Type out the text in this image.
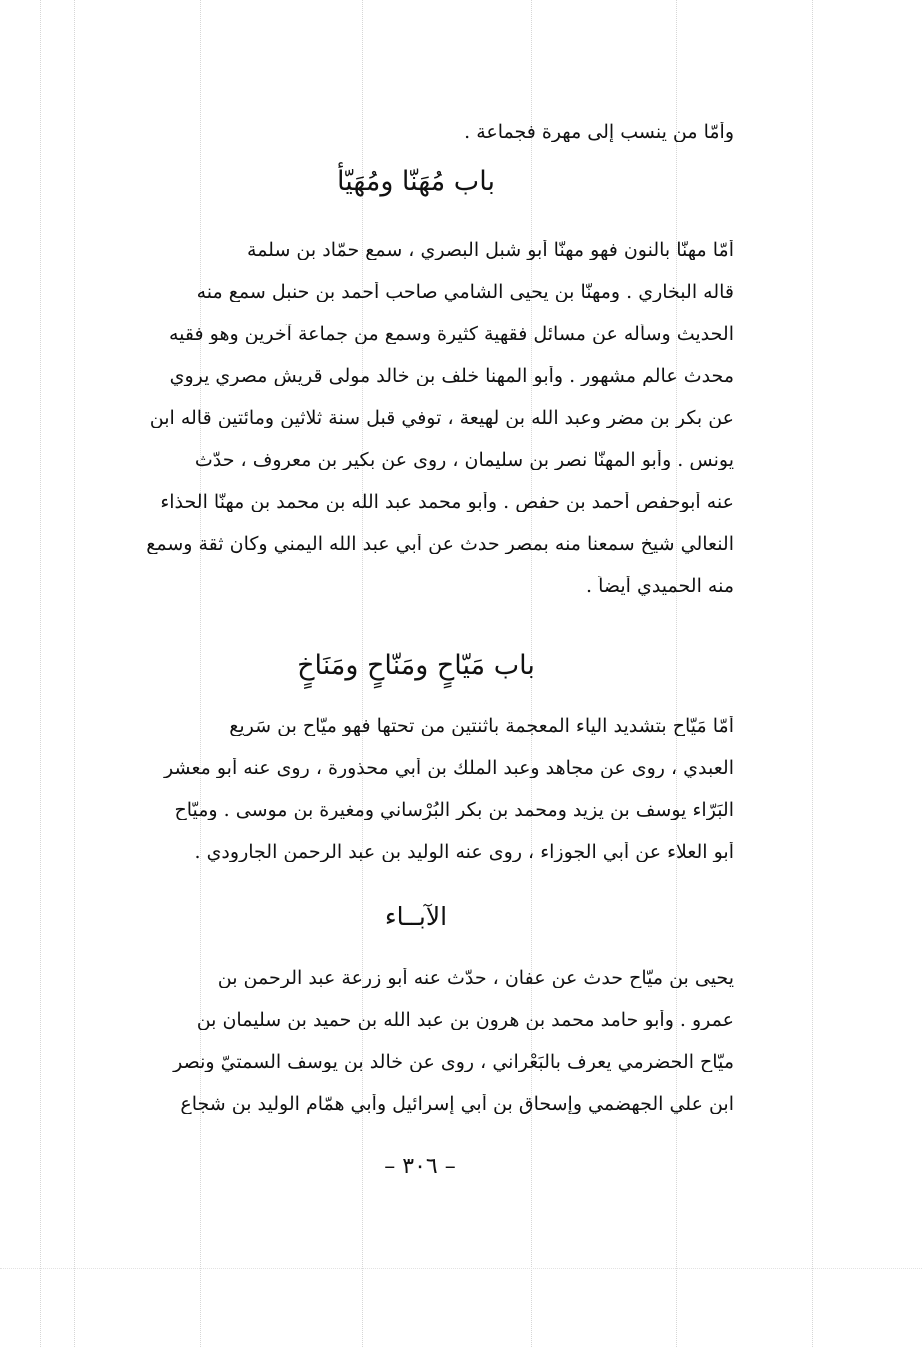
وأمّا من ينسب إلى مهرة فجماعة .
باب مُهَنّا ومُهَيّأ
أمّا مهنّا بالنون فهو مهنّا أبو شبل البصري ، سمع حمّاد بن سلمة
قاله البخاري . ومهنّا بن يحيى الشامي صاحب أحمد بن حنبل سمع منه
الحديث وسأله عن مسائل فقهية كثيرة وسمع من جماعة آخرين وهو فقيه
محدث عالم مشهور . وأبو المهنا خلف بن خالد مولى قريش مصري يروي
عن بكر بن مضر وعبد الله بن لهيعة ، توفي قبل سنة ثلاثين ومائتين قاله ابن
يونس . وأبو المهنّا نصر بن سليمان ، روى عن بكير بن معروف ، حدّث
عنه أبوحفص أحمد بن حفص . وأبو محمد عبد الله بن محمد بن مهنّا الحذاء
النعالي شيخ سمعنا منه بمصر حدث عن أبي عبد الله اليمني وكان ثقة وسمع
منه الحميدي أيضاً .
باب مَيّاحٍ ومَنّاحٍ ومَنَاخٍ
أمّا مَيّاح بتشديد الياء المعجمة باثنتين من تحتها فهو ميّاح بن سَريع
العبدي ، روى عن مجاهد وعبد الملك بن أبي محذورة ، روى عنه أبو معشر
البَرّاء يوسف بن يزيد ومحمد بن بكر البُرْساني ومغيرة بن موسى . وميّاح
أبو العلاء عن أبي الجوزاء ، روى عنه الوليد بن عبد الرحمن الجارودي .
الآبــاء
يحيى بن ميّاح حدث عن عفان ، حدّث عنه أبو زرعة عبد الرحمن بن
عمرو . وأبو حامد محمد بن هرون بن عبد الله بن حميد بن سليمان بن
ميّاح الحضرمي يعرف بالبَعْراني ، روى عن خالد بن يوسف السمتيّ ونصر
ابن علي الجهضمي وإسحاق بن أبي إسرائيل وأبي همّام الوليد بن شجاع
– ٣٠٦ –
